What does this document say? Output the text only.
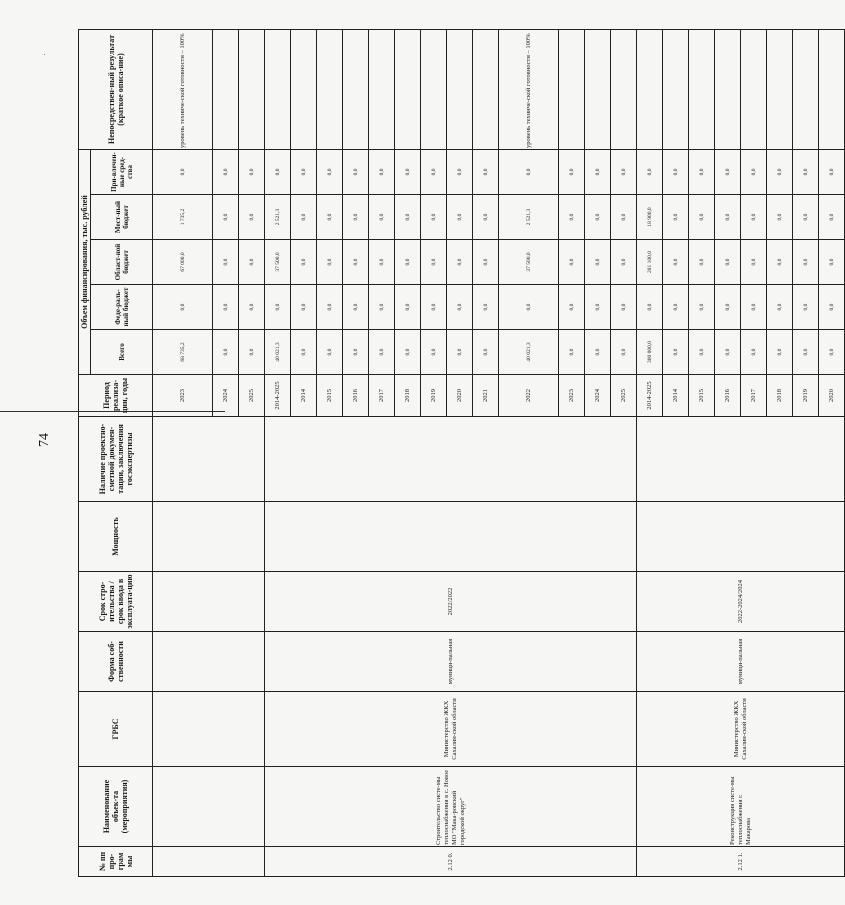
74
№ пп про-грам мы	Наименование объек-та (мероприятия)	ГРБС	Форма соб-ственности	Срок стро-ительства / срок ввода в эксплуата-цию	Мощность	Наличие проектно-сметной докумен-тации, заключения госэкспертизы	Период реализа-ции, годы	Объем финансирования, тыс. рублей					Непосредствен-ный результат (краткое описа-ние)
								Всего	Феде-раль-ный бюджет	Област-ной бюджет	Мест-ный бюджет	При-влечен-ные сред-ства	
							2023	68 735,2	0,0	67 000,0	1 735,2	0,0	уровень техниче-ской готовности – 100%
							2024	0,0	0,0	0,0	0,0	0,0	
							2025	0,0	0,0	0,0	0,0	0,0	
2.12 0.	Строительство систе-мы теплоснабжения в с. Новое МО "Мака-ровский городской округ"	Министерство ЖКХ Сахалин-ской области	муници-пальная	2022/2022			2014-2025	40 021,3	0,0	37 500,0	2 521,3	0,0	
							2014	0,0	0,0	0,0	0,0	0,0	
							2015	0,0	0,0	0,0	0,0	0,0	
							2016	0,0	0,0	0,0	0,0	0,0	
							2017	0,0	0,0	0,0	0,0	0,0	
							2018	0,0	0,0	0,0	0,0	0,0	
							2019	0,0	0,0	0,0	0,0	0,0	
							2020	0,0	0,0	0,0	0,0	0,0	
							2021	0,0	0,0	0,0	0,0	0,0	
							2022	40 021,3	0,0	37 500,0	2 521,3	0,0	уровень техниче-ской готовности – 100%
							2023	0,0	0,0	0,0	0,0	0,0	
							2024	0,0	0,0	0,0	0,0	0,0	
							2025	0,0	0,0	0,0	0,0	0,0	
2.12 1.	Реконструкция систе-мы теплоснабжения г. Макарова	Министерство ЖКХ Сахалин-ской области	муници-пальная	2022-2024/2024			2014-2025	300 000,0	0,0	281 100,0	18 900,0	0,0	
							2014	0,0	0,0	0,0	0,0	0,0	
							2015	0,0	0,0	0,0	0,0	0,0	
							2016	0,0	0,0	0,0	0,0	0,0	
							2017	0,0	0,0	0,0	0,0	0,0	
							2018	0,0	0,0	0,0	0,0	0,0	
							2019	0,0	0,0	0,0	0,0	0,0	
							2020	0,0	0,0	0,0	0,0	0,0	
